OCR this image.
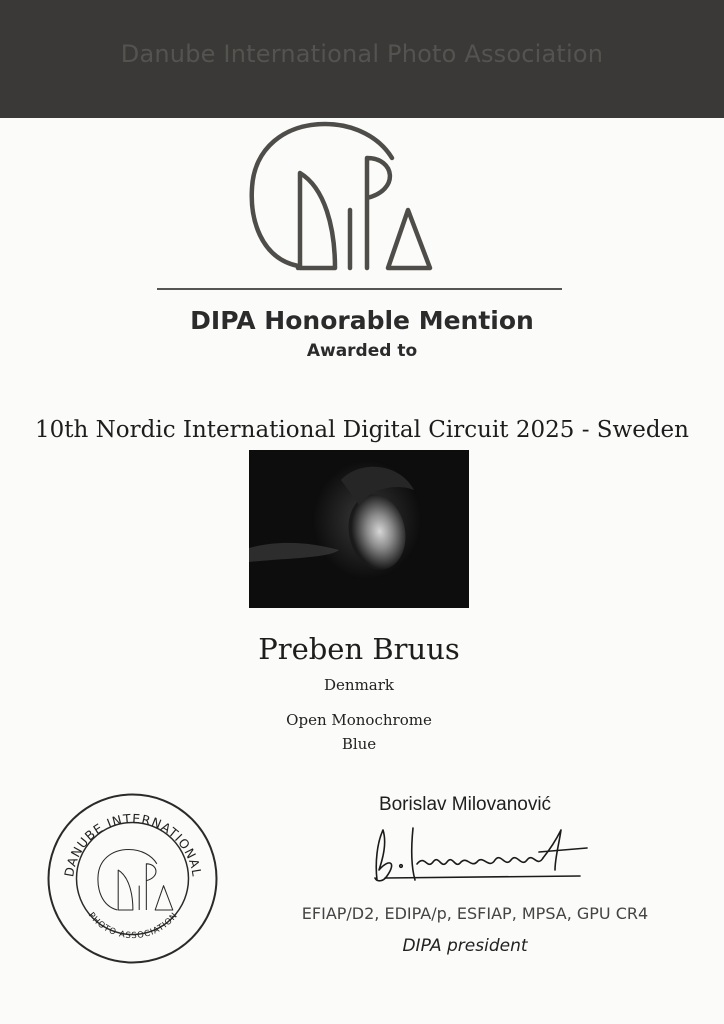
Danube International Photo Association
DIPA Honorable Mention
Awarded to
10th Nordic International Digital Circuit 2025 - Sweden
Preben Bruus
Denmark
Open Monochrome
Blue
DANUBE INTERNATIONAL
PHOTO ASSOCIATION
Borislav Milovanović
EFIAP/D2, EDIPA/p, ESFIAP, MPSA, GPU CR4
DIPA president
